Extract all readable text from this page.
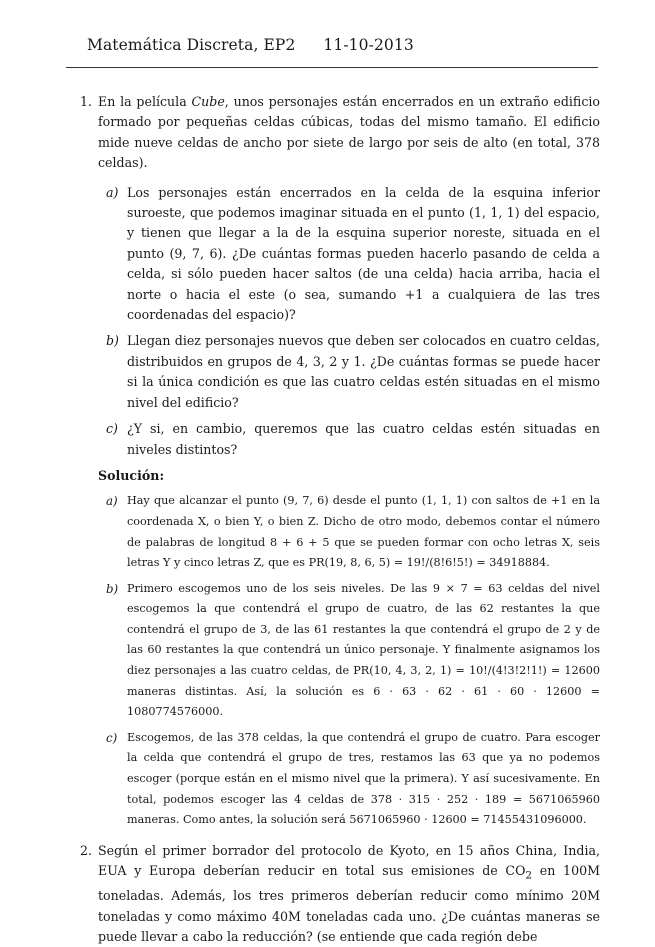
Matemática Discreta, EP2 11-10-2013
1. En la película Cube, unos personajes están encerrados en un extraño edificio formado por pequeñas celdas cúbicas, todas del mismo tamaño. El edificio mide nueve celdas de ancho por siete de largo por seis de alto (en total, 378 celdas).

a) Los personajes están encerrados en la celda de la esquina inferior suroeste, que podemos imaginar situada en el punto (1, 1, 1) del espacio, y tienen que llegar a la de la esquina superior noreste, situada en el punto (9, 7, 6). ¿De cuántas formas pueden hacerlo pasando de celda a celda, si sólo pueden hacer saltos (de una celda) hacia arriba, hacia el norte o hacia el este (o sea, sumando +1 a cualquiera de las tres coordenadas del espacio)?

b) Llegan diez personajes nuevos que deben ser colocados en cuatro celdas, distribuidos en grupos de 4, 3, 2 y 1. ¿De cuántas formas se puede hacer si la única condición es que las cuatro celdas estén situadas en el mismo nivel del edificio?

c) ¿Y si, en cambio, queremos que las cuatro celdas estén situadas en niveles distintos?

Solución:
a) Hay que alcanzar el punto (9, 7, 6) desde el punto (1, 1, 1) con saltos de +1 en la coordenada X, o bien Y, o bien Z. Dicho de otro modo, debemos contar el número de palabras de longitud 8 + 6 + 5 que se pueden formar con ocho letras X, seis letras Y y cinco letras Z, que es PR(19, 8, 6, 5) = 19!/(8!6!5!) = 34918884.

b) Primero escogemos uno de los seis niveles. De las 9 × 7 = 63 celdas del nivel escogemos la que contendrá el grupo de cuatro, de las 62 restantes la que contendrá el grupo de 3, de las 61 restantes la que contendrá el grupo de 2 y de las 60 restantes la que contendrá un único personaje. Y finalmente asignamos los diez personajes a las cuatro celdas, de PR(10, 4, 3, 2, 1) = 10!/(4!3!2!1!) = 12600 maneras distintas. Así, la solución es 6 · 63 · 62 · 61 · 60 · 12600 = 1080774576000.

c) Escogemos, de las 378 celdas, la que contendrá el grupo de cuatro. Para escoger la celda que contendrá el grupo de tres, restamos las 63 que ya no podemos escoger (porque están en el mismo nivel que la primera). Y así sucesivamente. En total, podemos escoger las 4 celdas de 378 · 315 · 252 · 189 = 5671065960 maneras. Como antes, la solución será 5671065960 · 12600 = 71455431096000.

2. Según el primer borrador del protocolo de Kyoto, en 15 años China, India, EUA y Europa deberían reducir en total sus emisiones de $CO_2$ en 100M toneladas. Además, los tres primeros deberían reducir como mínimo 20M toneladas y como máximo 40M toneladas cada uno. ¿De cuántas maneras se puede llevar a cabo la reducción? (se entiende que cada región debe
